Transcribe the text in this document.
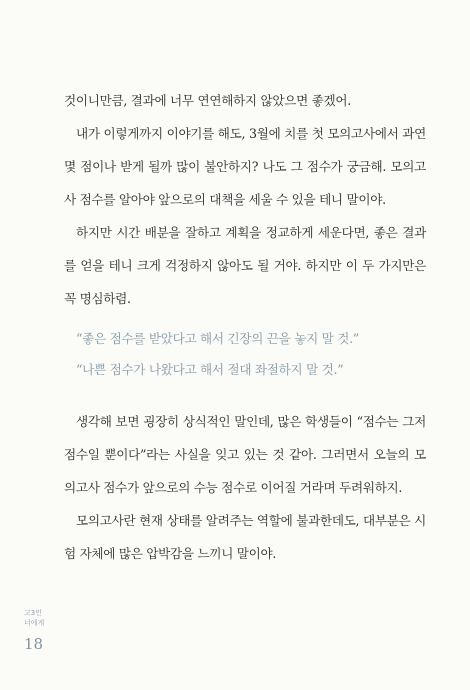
것이니만큼, 결과에 너무 연연해하지 않았으면 좋겠어.

내가 이렇게까지 이야기를 해도, 3월에 치를 첫 모의고사에서 과연 몇 점이나 받게 될까 많이 불안하지? 나도 그 점수가 궁금해. 모의고사 점수를 알아야 앞으로의 대책을 세울 수 있을 테니 말이야.

하지만 시간 배분을 잘하고 계획을 정교하게 세운다면, 좋은 결과를 얻을 테니 크게 걱정하지 않아도 될 거야. 하지만 이 두 가지만은 꼭 명심하렴.

“좋은 점수를 받았다고 해서 긴장의 끈을 놓지 말 것.”

“나쁜 점수가 나왔다고 해서 절대 좌절하지 말 것.”

생각해 보면 굉장히 상식적인 말인데, 많은 학생들이 “점수는 그저 점수일 뿐이다”라는 사실을 잊고 있는 것 같아. 그러면서 오늘의 모의고사 점수가 앞으로의 수능 점수로 이어질 거라며 두려워하지.

모의고사란 현재 상태를 알려주는 역할에 불과한데도, 대부분은 시험 자체에 많은 압박감을 느끼니 말이야.

고3인
너에게
18
